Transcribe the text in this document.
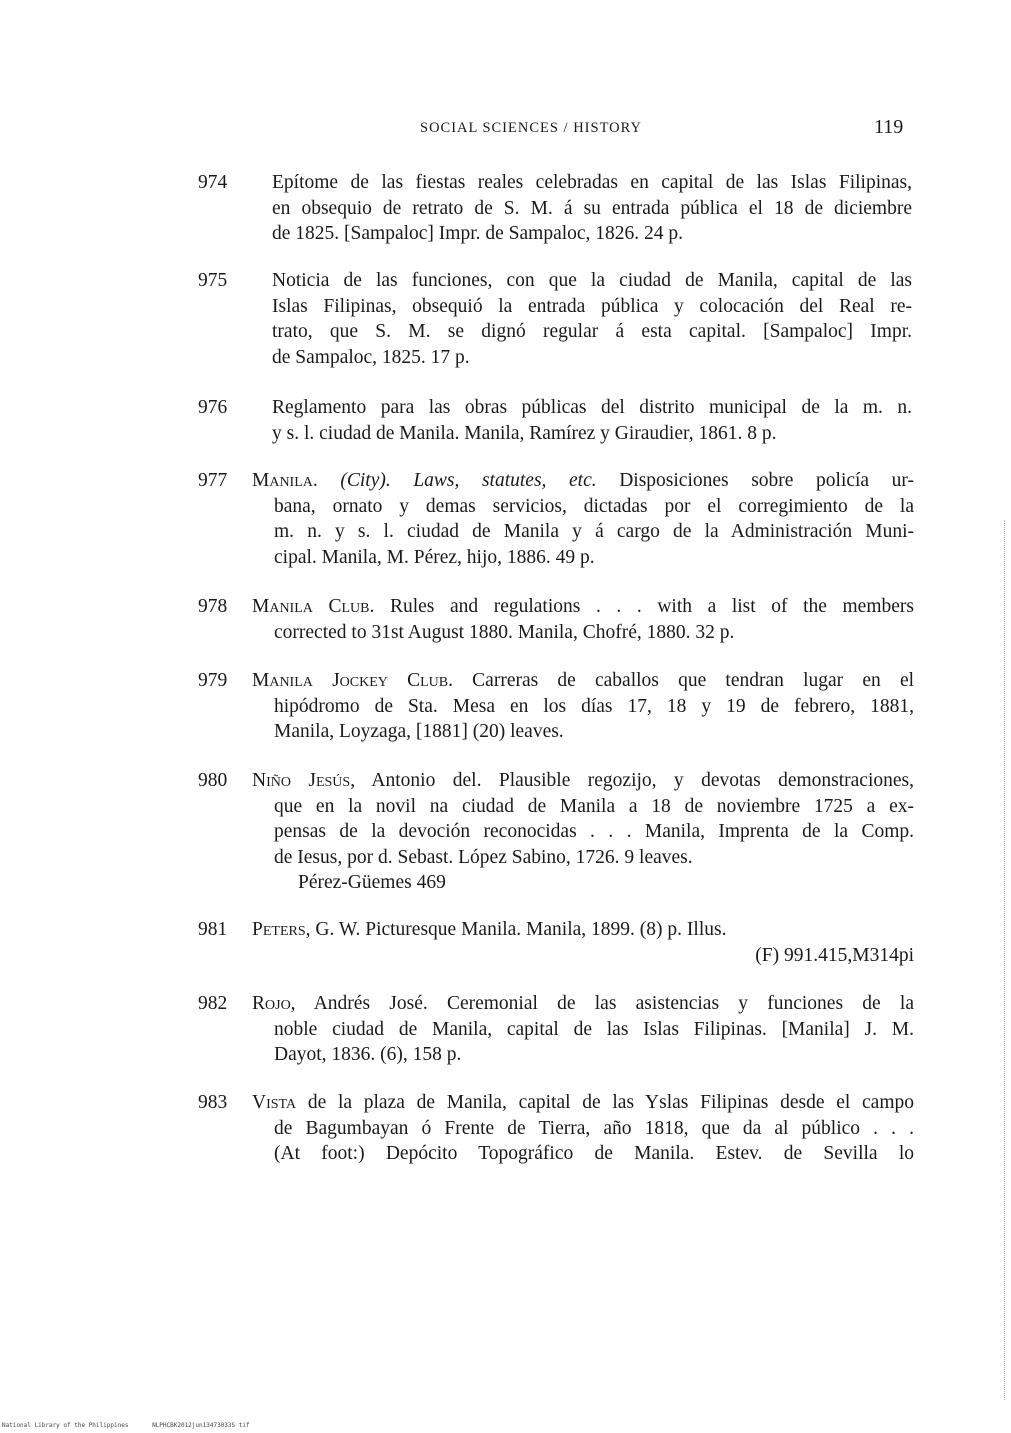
SOCIAL SCIENCES / HISTORY	119
974 Epítome de las fiestas reales celebradas en capital de las Islas Filipinas,
en obsequio de retrato de S. M. á su entrada pública el 18 de diciembre
de 1825. [Sampaloc] Impr. de Sampaloc, 1826. 24 p.
975 Noticia de las funciones, con que la ciudad de Manila, capital de las
Islas Filipinas, obsequió la entrada pública y colocación del Real re-
trato, que S. M. se dignó regular á esta capital. [Sampaloc] Impr.
de Sampaloc, 1825. 17 p.
976 Reglamento para las obras públicas del distrito municipal de la m. n.
y s. l. ciudad de Manila. Manila, Ramírez y Giraudier, 1861. 8 p.
977 Manila. (City). Laws, statutes, etc. Disposiciones sobre policía ur-
bana, ornato y demas servicios, dictadas por el corregimiento de la
m. n. y s. l. ciudad de Manila y á cargo de la Administración Muni-
cipal. Manila, M. Pérez, hijo, 1886. 49 p.
978 Manila Club. Rules and regulations . . . with a list of the members
corrected to 31st August 1880. Manila, Chofré, 1880. 32 p.
979 Manila Jockey Club. Carreras de caballos que tendran lugar en el
hipódromo de Sta. Mesa en los días 17, 18 y 19 de febrero, 1881,
Manila, Loyzaga, [1881] (20) leaves.
980 Niño Jesús, Antonio del. Plausible regozijo, y devotas demonstraciones,
que en la novil na ciudad de Manila a 18 de noviembre 1725 a ex-
pensas de la devoción reconocidas . . . Manila, Imprenta de la Comp.
de Iesus, por d. Sebast. López Sabino, 1726. 9 leaves.
Pérez-Güemes 469
981 Peters, G. W. Picturesque Manila. Manila, 1899. (8) p. Illus.
(F) 991.415,M314pi
982 Rojo, Andrés José. Ceremonial de las asistencias y funciones de la
noble ciudad de Manila, capital de las Islas Filipinas. [Manila] J. M.
Dayot, 1836. (6), 158 p.
983 Vista de la plaza de Manila, capital de las Yslas Filipinas desde el campo
de Bagumbayan ó Frente de Tierra, año 1818, que da al público . . .
(At foot:) Depócito Topográfico de Manila. Estev. de Sevilla lo
National Library of the Philippines	NLPHCBK2012jun13473033S tif
